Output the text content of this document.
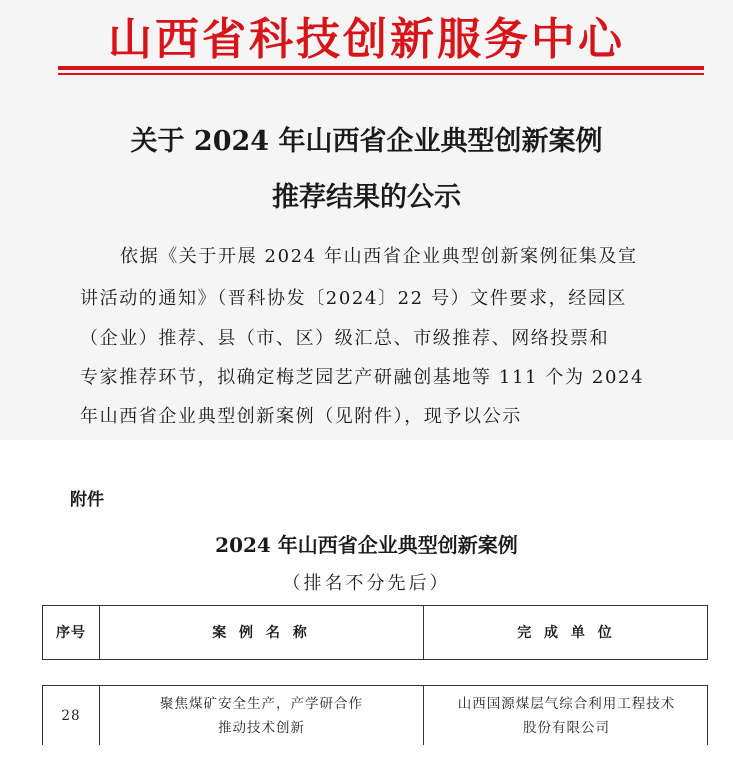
山西省科技创新服务中心
关于 2024 年山西省企业典型创新案例
推荐结果的公示
依据《关于开展 2024 年山西省企业典型创新案例征集及宣
讲活动的通知》（晋科协发〔2024〕22 号）文件要求，经园区
（企业）推荐、县（市、区）级汇总、市级推荐、网络投票和
专家推荐环节，拟确定梅芝园艺产研融创基地等 111 个为 2024
年山西省企业典型创新案例（见附件），现予以公示
附件
2024 年山西省企业典型创新案例
（排名不分先后）
序号	案 例 名 称	完 成 单 位
28
聚焦煤矿安全生产，产学研合作
推动技术创新
山西国源煤层气综合利用工程技术
股份有限公司
